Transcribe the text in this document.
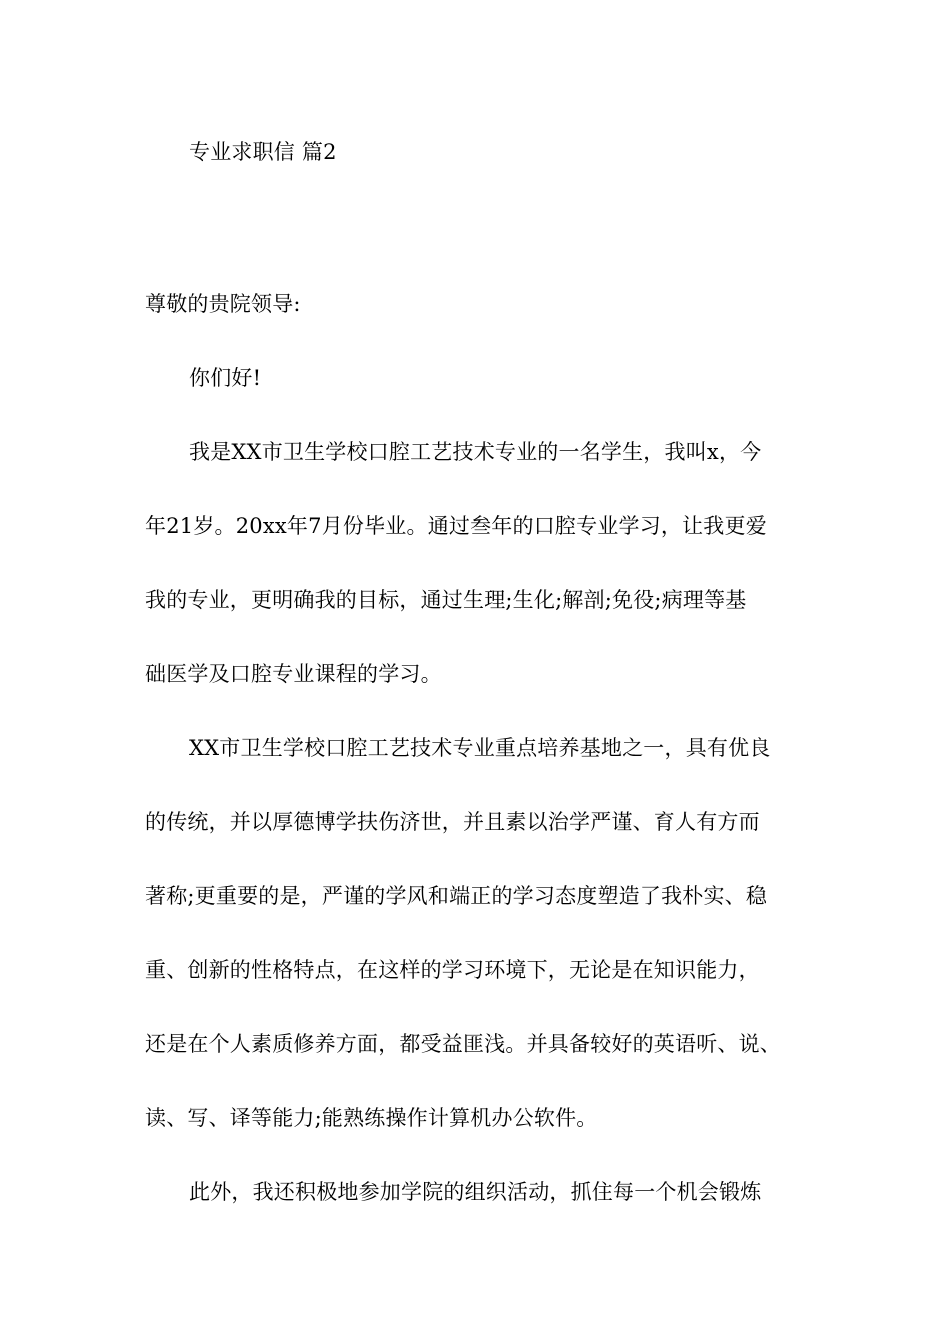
专业求职信 篇2
尊敬的贵院领导:
你们好!
我是XX市卫生学校口腔工艺技术专业的一名学生，我叫x，今
年21岁。20xx年7月份毕业。通过叁年的口腔专业学习，让我更爱
我的专业，更明确我的目标，通过生理;生化;解剖;免役;病理等基
础医学及口腔专业课程的学习。
XX市卫生学校口腔工艺技术专业重点培养基地之一，具有优良
的传统，并以厚德博学扶伤济世，并且素以治学严谨、育人有方而
著称;更重要的是，严谨的学风和端正的学习态度塑造了我朴实、稳
重、创新的性格特点，在这样的学习环境下，无论是在知识能力，
还是在个人素质修养方面，都受益匪浅。并具备较好的英语听、说、
读、写、译等能力;能熟练操作计算机办公软件。
此外，我还积极地参加学院的组织活动，抓住每一个机会锻炼
